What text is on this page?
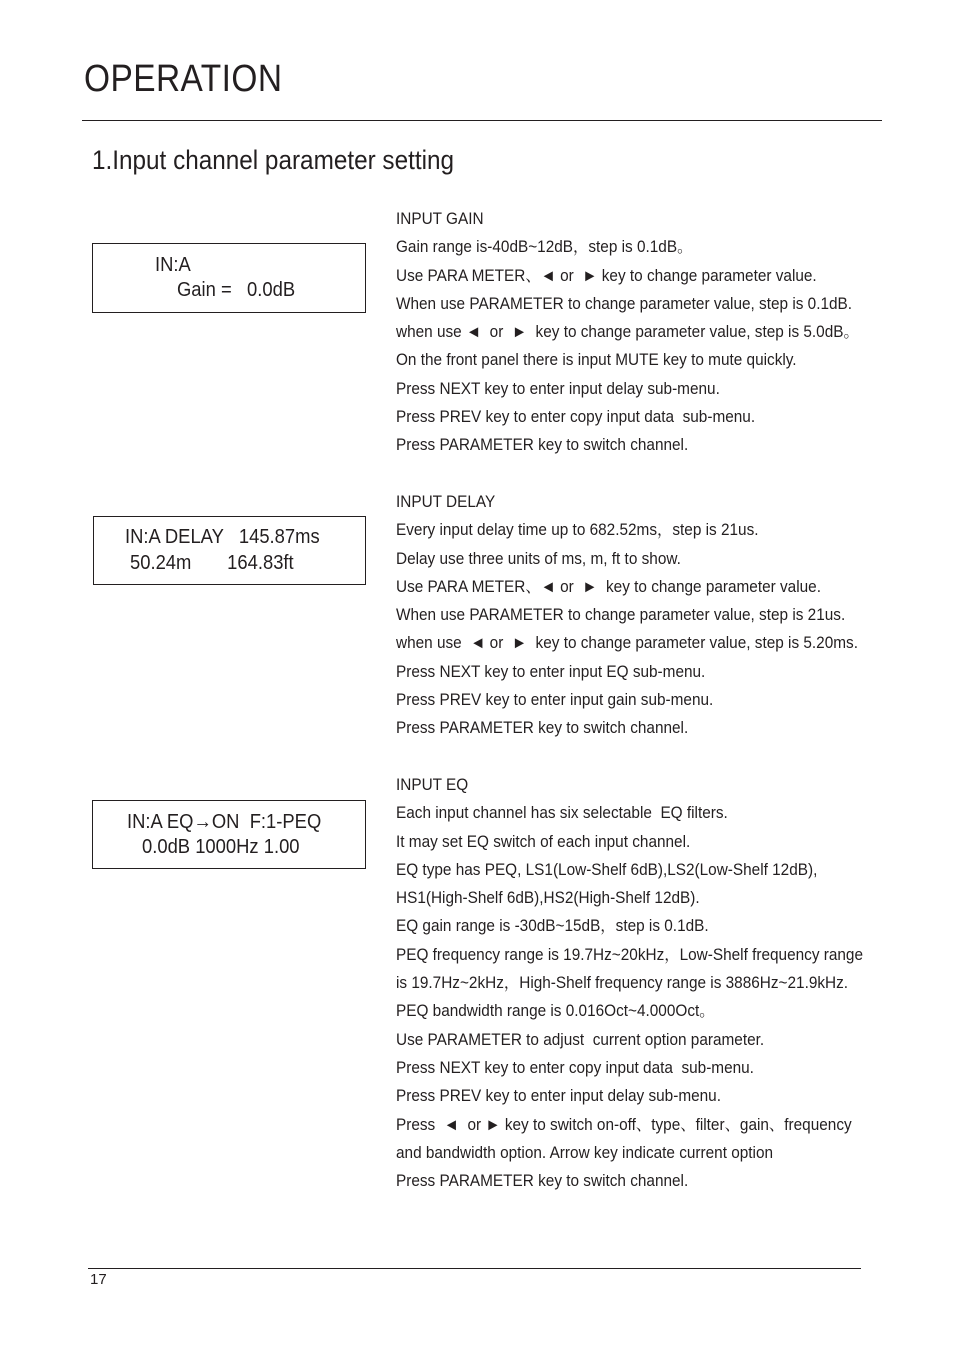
OPERATION
1.Input channel parameter setting
IN:A
Gain =   0.0dB
IN:A DELAY   145.87ms
50.24m       164.83ft
IN:A EQ→ON  F:1-PEQ
0.0dB 1000Hz 1.00
INPUT GAIN
Gain range is-40dB~12dB，step is 0.1dB。
Use PARA METER、◄ or  ► key to change parameter value.
When use PARAMETER to change parameter value, step is 0.1dB.
when use ◄  or  ►  key to change parameter value, step is 5.0dB。
On the front panel there is input MUTE key to mute quickly.
Press NEXT key to enter input delay sub-menu.
Press PREV key to enter copy input data  sub-menu.
Press PARAMETER key to switch channel.
INPUT DELAY
Every input delay time up to 682.52ms，step is 21us.
Delay use three units of ms, m, ft to show.
Use PARA METER、◄ or  ►  key to change parameter value.
When use PARAMETER to change parameter value, step is 21us.
when use  ◄ or  ►  key to change parameter value, step is 5.20ms.
Press NEXT key to enter input EQ sub-menu.
Press PREV key to enter input gain sub-menu.
Press PARAMETER key to switch channel.
INPUT EQ
Each input channel has six selectable  EQ filters.
It may set EQ switch of each input channel.
EQ type has PEQ, LS1(Low-Shelf 6dB),LS2(Low-Shelf 12dB),
HS1(High-Shelf 6dB),HS2(High-Shelf 12dB).
EQ gain range is -30dB~15dB，step is 0.1dB.
PEQ frequency range is 19.7Hz~20kHz，Low-Shelf frequency range
is 19.7Hz~2kHz，High-Shelf frequency range is 3886Hz~21.9kHz.
PEQ bandwidth range is 0.016Oct~4.000Oct。
Use PARAMETER to adjust  current option parameter.
Press NEXT key to enter copy input data  sub-menu.
Press PREV key to enter input delay sub-menu.
Press  ◄  or ► key to switch on-off、type、filter、gain、frequency
and bandwidth option. Arrow key indicate current option
Press PARAMETER key to switch channel.
17
